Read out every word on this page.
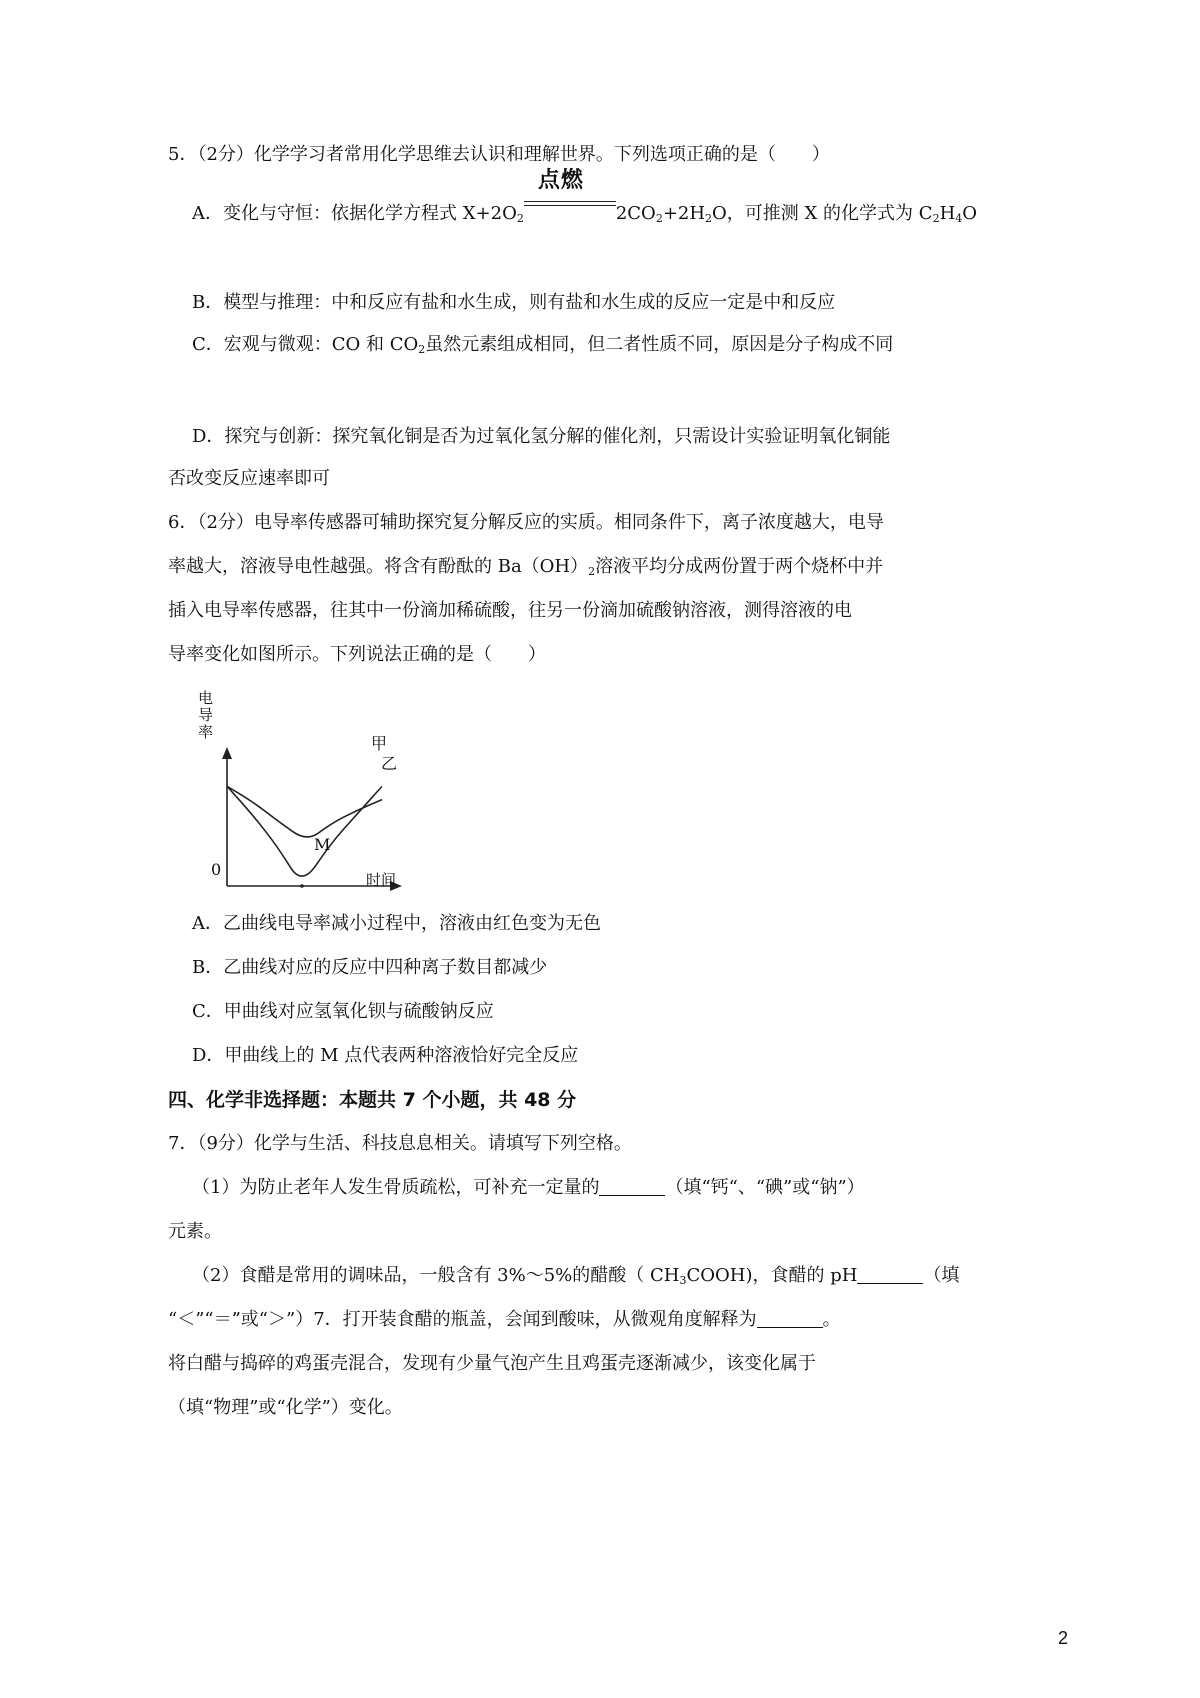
5．（2分）化学学习者常用化学思维去认识和理解世界。下列选项正确的是（　　）
A．变化与守恒：依据化学方程式 $X+2O_2$
点燃
$2CO_2+2H_2O$，可推测 X 的化学式为 $C_2H_4O$
B．模型与推理：中和反应有盐和水生成，则有盐和水生成的反应一定是中和反应
C．宏观与微观：CO 和 $CO_2$虽然元素组成相同，但二者性质不同，原因是分子构成不同
D．探究与创新：探究氧化铜是否为过氧化氢分解的催化剂，只需设计实验证明氧化铜能
否改变反应速率即可
6．（2分）电导率传感器可辅助探究复分解反应的实质。相同条件下，离子浓度越大，电导
率越大，溶液导电性越强。将含有酚酞的 $Ba(OH)_2$溶液平均分成两份置于两个烧杯中并
插入电导率传感器，往其中一份滴加稀硫酸，往另一份滴加硫酸钠溶液，测得溶液的电
导率变化如图所示。下列说法正确的是（　　）
电导率
时间
0
甲
乙
M
A．乙曲线电导率减小过程中，溶液由红色变为无色
B．乙曲线对应的反应中四种离子数目都减少
C．甲曲线对应氢氧化钡与硫酸钠反应
D．甲曲线上的 M 点代表两种溶液恰好完全反应
四、化学非选择题：本题共 7 个小题，共 48 分
7．（9分）化学与生活、科技息息相关。请填写下列空格。
（1）为防止老年人发生骨质疏松，可补充一定量的	（填“钙“、“碘”或“钠”）
元素。
（2）食醋是常用的调味品，一般含有 3%～5%的醋酸（ $CH_3COOH$)，食醋的 pH	（填
“＜”“＝”或“＞”）7．打开装食醋的瓶盖，会闻到酸味，从微观角度解释为	。
将白醋与捣碎的鸡蛋壳混合，发现有少量气泡产生且鸡蛋壳逐渐减少，该变化属于
（填“物理”或“化学”）变化。
2
